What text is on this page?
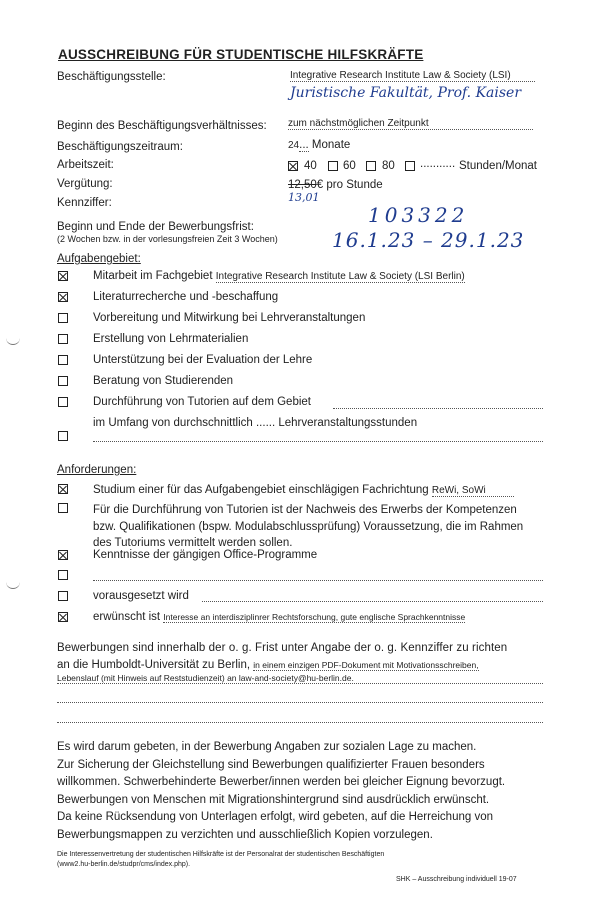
AUSSCHREIBUNG FÜR STUDENTISCHE HILFSKRÄFTE
Beschäftigungsstelle:	Integrative Research Institute Law & Society (LSI)
Juristische Fakultät, Prof. Kaiser
Beginn des Beschäftigungsverhältnisses: zum nächstmöglichen Zeitpunkt
Beschäftigungszeitraum:	24... Monate
Arbeitszeit:	40 60 80 ........... Stunden/Monat
Vergütung:	12,50€ pro Stunde
13,01
Kennziffer:	103322
Beginn und Ende der Bewerbungsfrist:
(2 Wochen bzw. in der vorlesungsfreien Zeit 3 Wochen)	16.1.23 – 29.1.23
Aufgabengebiet:
Mitarbeit im Fachgebiet Integrative Research Institute Law & Society (LSI Berlin)
Literaturrecherche und -beschaffung
Vorbereitung und Mitwirkung bei Lehrveranstaltungen
Erstellung von Lehrmaterialien
Unterstützung bei der Evaluation der Lehre
Beratung von Studierenden
Durchführung von Tutorien auf dem Gebiet
im Umfang von durchschnittlich ...... Lehrveranstaltungsstunden
Anforderungen:
Studium einer für das Aufgabengebiet einschlägigen Fachrichtung ReWi, SoWi
Für die Durchführung von Tutorien ist der Nachweis des Erwerbs der Kompetenzen bzw. Qualifikationen (bspw. Modulabschlussprüfung) Voraussetzung, die im Rahmen des Tutoriums vermittelt werden sollen.
Kenntnisse der gängigen Office-Programme
vorausgesetzt wird
erwünscht ist Interesse an interdisziplinrer Rechtsforschung, gute englische Sprachkenntnisse
Bewerbungen sind innerhalb der o. g. Frist unter Angabe der o. g. Kennziffer zu richten
an die Humboldt-Universität zu Berlin, in einem einzigen PDF-Dokument mit Motivationsschreiben,
Lebenslauf (mit Hinweis auf Reststudienzeit) an law-and-society@hu-berlin.de.
Es wird darum gebeten, in der Bewerbung Angaben zur sozialen Lage zu machen.
Zur Sicherung der Gleichstellung sind Bewerbungen qualifizierter Frauen besonders
willkommen. Schwerbehinderte Bewerber/innen werden bei gleicher Eignung bevorzugt.
Bewerbungen von Menschen mit Migrationshintergrund sind ausdrücklich erwünscht.
Da keine Rücksendung von Unterlagen erfolgt, wird gebeten, auf die Herreichung von
Bewerbungsmappen zu verzichten und ausschließlich Kopien vorzulegen.
Die Interessenvertretung der studentischen Hilfskräfte ist der Personalrat der studentischen Beschäftigten
(www2.hu-berlin.de/studpr/cms/index.php).
SHK – Ausschreibung individuell 19-07
